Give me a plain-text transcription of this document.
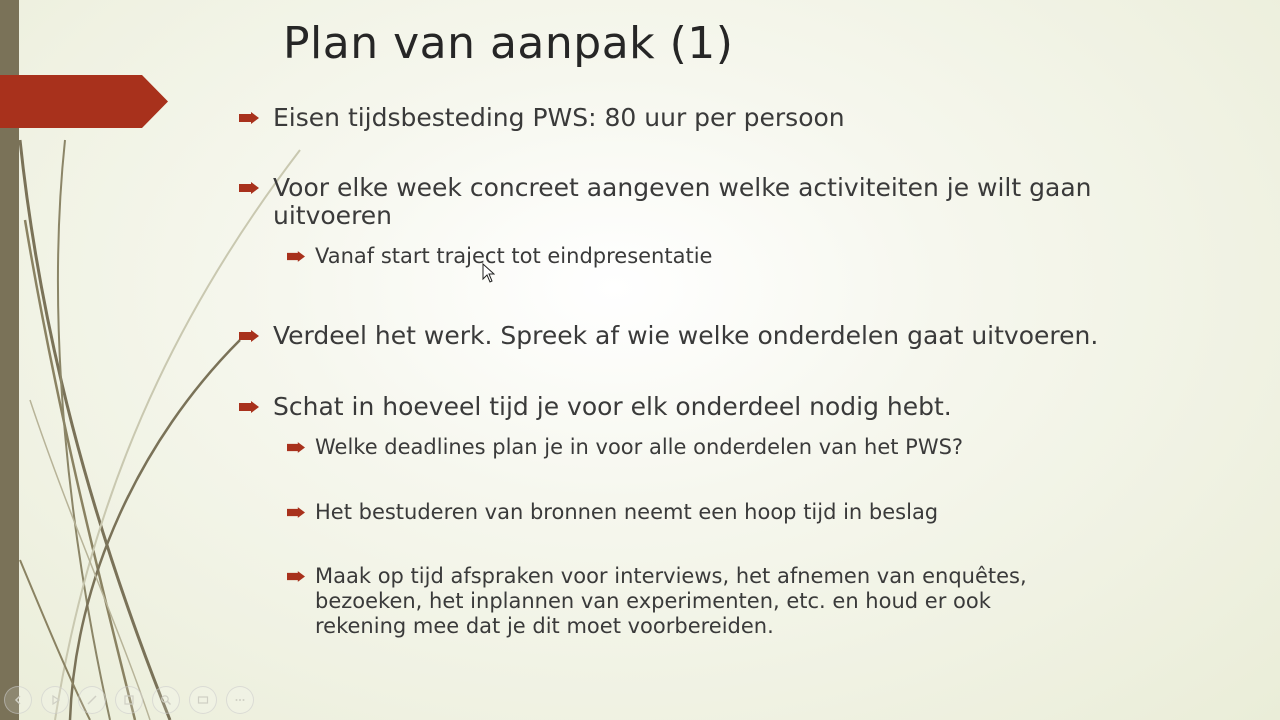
Plan van aanpak (1)
Eisen tijdsbesteding PWS: 80 uur per persoon
Voor elke week concreet aangeven welke activiteiten je wilt gaan
uitvoeren
Vanaf start traject tot eindpresentatie
Verdeel het werk. Spreek af wie welke onderdelen gaat uitvoeren.
Schat in hoeveel tijd je voor elk onderdeel nodig hebt.
Welke deadlines plan je in voor alle onderdelen van het PWS?
Het bestuderen van bronnen neemt een hoop tijd in beslag
Maak op tijd afspraken voor interviews, het afnemen van enquêtes,
bezoeken, het inplannen van experimenten, etc. en houd er ook
rekening mee dat je dit moet voorbereiden.
